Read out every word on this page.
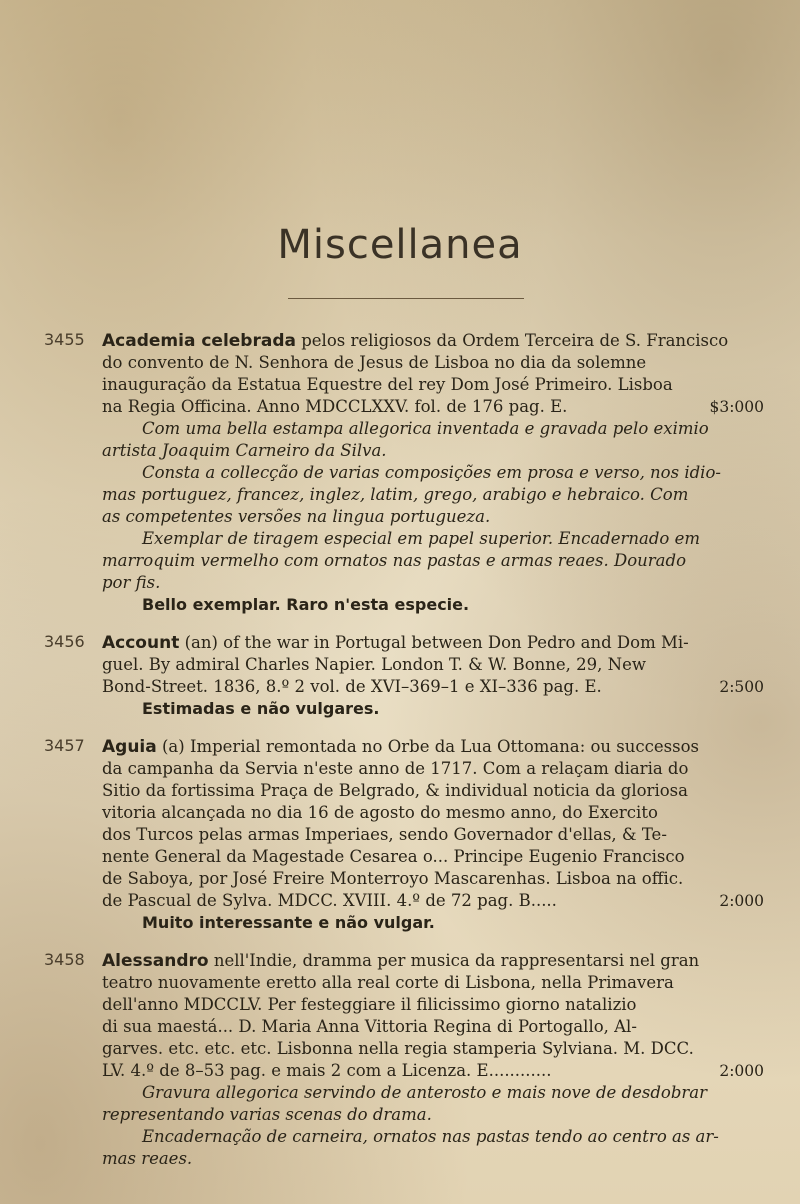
Miscellanea
3455	Academia celebrada pelos religiosos da Ordem Terceira de S. Francisco
do convento de N. Senhora de Jesus de Lisboa no dia da solemne
inauguração da Estatua Equestre del rey Dom José Primeiro. Lisboa
na Regia Officina. Anno MDCCLXXV. fol. de 176 pag. E.	$3:000
Com uma bella estampa allegorica inventada e gravada pelo eximio
artista Joaquim Carneiro da Silva.
Consta a collecção de varias composições em prosa e verso, nos idio-
mas portuguez, francez, inglez, latim, grego, arabigo e hebraico. Com
as competentes versões na lingua portugueza.
Exemplar de tiragem especial em papel superior. Encadernado em
marroquim vermelho com ornatos nas pastas e armas reaes. Dourado
por fis.
Bello exemplar. Raro n'esta especie.
3456	Account (an) of the war in Portugal between Don Pedro and Dom Mi-
guel. By admiral Charles Napier. London T. & W. Bonne, 29, New
Bond-Street. 1836, 8.º 2 vol. de XVI–369–1 e XI–336 pag. E.	2:500
Estimadas e não vulgares.
3457	Aguia (a) Imperial remontada no Orbe da Lua Ottomana: ou successos
da campanha da Servia n'este anno de 1717. Com a relaçam diaria do
Sitio da fortissima Praça de Belgrado, & individual noticia da gloriosa
vitoria alcançada no dia 16 de agosto do mesmo anno, do Exercito
dos Turcos pelas armas Imperiaes, sendo Governador d'ellas, & Te-
nente General da Magestade Cesarea o... Principe Eugenio Francisco
de Saboya, por José Freire Monterroyo Mascarenhas. Lisboa na offic.
de Pascual de Sylva. MDCC. XVIII. 4.º de 72 pag. B.....	2:000
Muito interessante e não vulgar.
3458	Alessandro nell'Indie, dramma per musica da rappresentarsi nel gran
teatro nuovamente eretto alla real corte di Lisbona, nella Primavera
dell'anno MDCCLV. Per festeggiare il filicissimo giorno natalizio
di sua maestá... D. Maria Anna Vittoria Regina di Portogallo, Al-
garves. etc. etc. etc. Lisbonna nella regia stamperia Sylviana. M. DCC.
LV. 4.º de 8–53 pag. e mais 2 com a Licenza. E............	2:000
Gravura allegorica servindo de anterosto e mais nove de desdobrar
representando varias scenas do drama.
Encadernação de carneira, ornatos nas pastas tendo ao centro as ar-
mas reaes.
